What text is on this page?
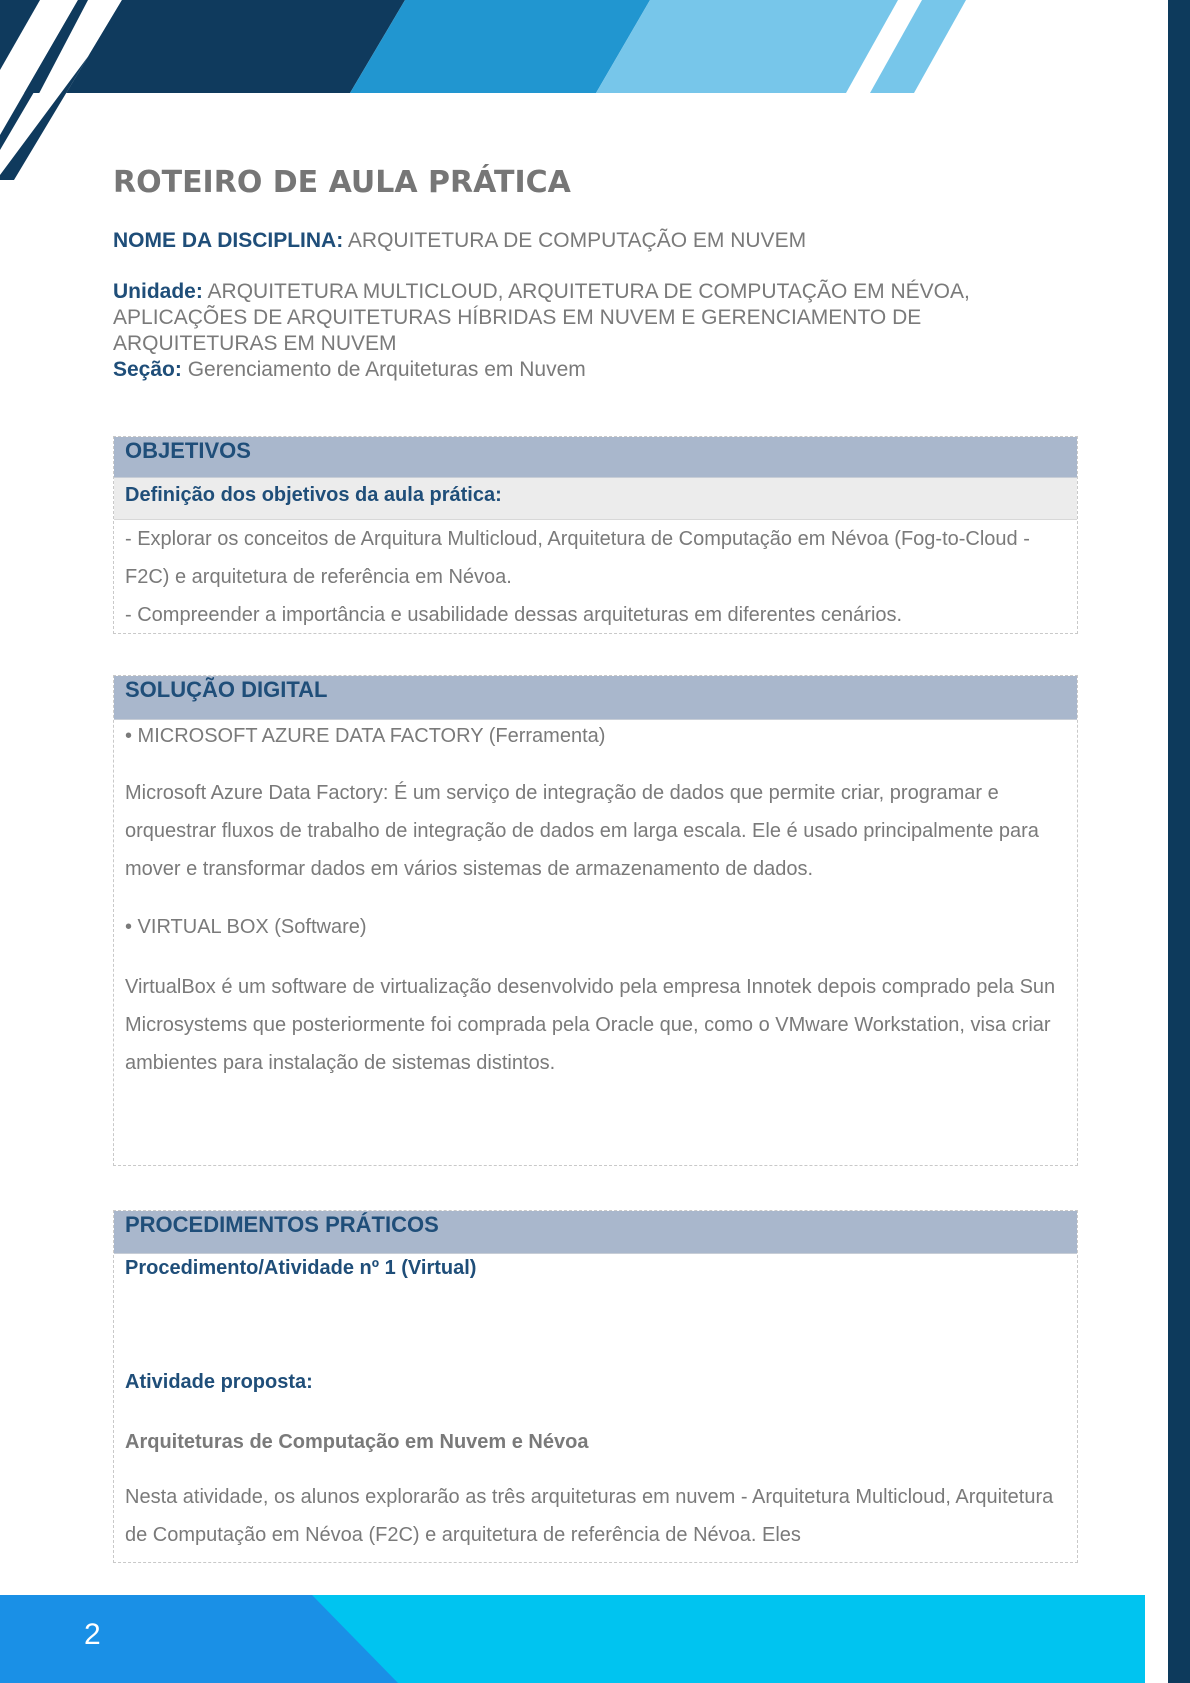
ROTEIRO DE AULA PRÁTICA
NOME DA DISCIPLINA: ARQUITETURA DE COMPUTAÇÃO EM NUVEM
Unidade: ARQUITETURA MULTICLOUD, ARQUITETURA DE COMPUTAÇÃO EM NÉVOA, APLICAÇÕES DE ARQUITETURAS HÍBRIDAS EM NUVEM E GERENCIAMENTO DE ARQUITETURAS EM NUVEM
Seção: Gerenciamento de Arquiteturas em Nuvem
OBJETIVOS
Definição dos objetivos da aula prática:
- Explorar os conceitos de Arquitura Multicloud, Arquitetura de Computação em Névoa (Fog-to-Cloud - F2C) e arquitetura de referência em Névoa.
- Compreender a importância e usabilidade dessas arquiteturas em diferentes cenários.
SOLUÇÃO DIGITAL
• MICROSOFT AZURE DATA FACTORY (Ferramenta)
Microsoft Azure Data Factory: É um serviço de integração de dados que permite criar, programar e orquestrar fluxos de trabalho de integração de dados em larga escala. Ele é usado principalmente para mover e transformar dados em vários sistemas de armazenamento de dados.
• VIRTUAL BOX (Software)
VirtualBox é um software de virtualização desenvolvido pela empresa Innotek depois comprado pela Sun Microsystems que posteriormente foi comprada pela Oracle que, como o VMware Workstation, visa criar ambientes para instalação de sistemas distintos.
PROCEDIMENTOS PRÁTICOS
Procedimento/Atividade nº 1 (Virtual)
Atividade proposta:
Arquiteturas de Computação em Nuvem e Névoa
Nesta atividade, os alunos explorarão as três arquiteturas em nuvem - Arquitetura Multicloud, Arquitetura de Computação em Névoa (F2C) e arquitetura de referência de Névoa. Eles
2
